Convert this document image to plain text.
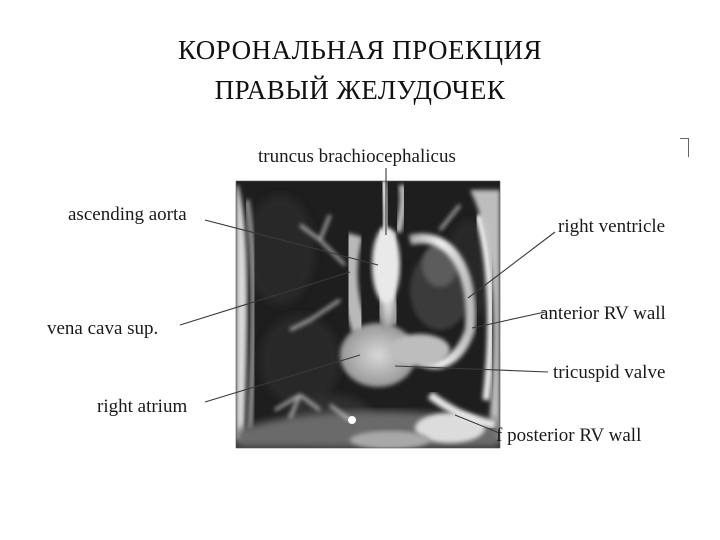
КОРОНАЛЬНАЯ ПРОЕКЦИЯ
ПРАВЫЙ ЖЕЛУДОЧЕК
truncus brachiocephalicus
ascending aorta
right ventricle
anterior RV wall
vena cava sup.
tricuspid valve
right atrium
f posterior RV wall
